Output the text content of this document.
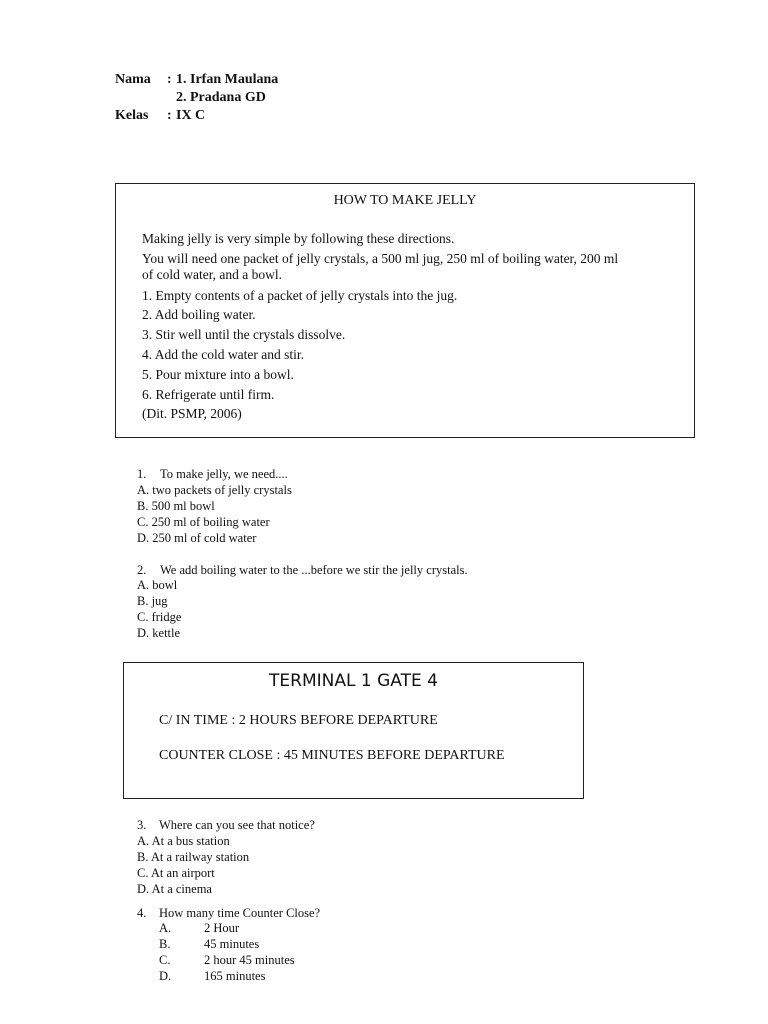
Nama : 1. Irfan Maulana
2. Pradana GD
Kelas : IX C
HOW TO MAKE JELLY
Making jelly is very simple by following these directions.
You will need one packet of jelly crystals, a 500 ml jug, 250 ml of boiling water, 200 ml
of cold water, and a bowl.
1. Empty contents of a packet of jelly crystals into the jug.
2. Add boiling water.
3. Stir well until the crystals dissolve.
4. Add the cold water and stir.
5. Pour mixture into a bowl.
6. Refrigerate until firm.
(Dit. PSMP, 2006)
1. To make jelly, we need....
A. two packets of jelly crystals
B. 500 ml bowl
C. 250 ml of boiling water
D. 250 ml of cold water
2. We add boiling water to the ...before we stir the jelly crystals.
A. bowl
B. jug
C. fridge
D. kettle
TERMINAL 1 GATE 4
C/ IN TIME : 2 HOURS BEFORE DEPARTURE
COUNTER CLOSE : 45 MINUTES BEFORE DEPARTURE
3. Where can you see that notice?
A. At a bus station
B. At a railway station
C. At an airport
D. At a cinema
4. How many time Counter Close?
A.	2 Hour
B.	45 minutes
C.	2 hour 45 minutes
D.	165 minutes
